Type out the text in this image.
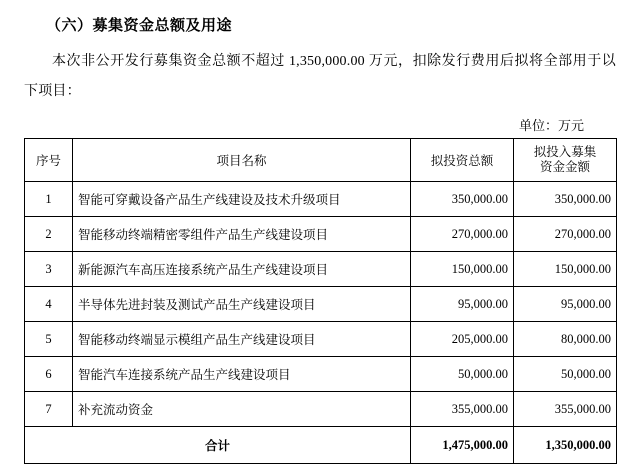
（六）募集资金总额及用途

本次非公开发行募集资金总额不超过 1,350,000.00 万元，扣除发行费用后拟将全部用于以下项目：

单位：万元
序号	项目名称	拟投资总额	拟投入募集
资金金额

1	智能可穿戴设备产品生产线建设及技术升级项目	350,000.00	350,000.00
2	智能移动终端精密零组件产品生产线建设项目	270,000.00	270,000.00
3	新能源汽车高压连接系统产品生产线建设项目	150,000.00	150,000.00
4	半导体先进封装及测试产品生产线建设项目	95,000.00	95,000.00
5	智能移动终端显示模组产品生产线建设项目	205,000.00	80,000.00
6	智能汽车连接系统产品生产线建设项目	50,000.00	50,000.00
7	补充流动资金	355,000.00	355,000.00
合计		1,475,000.00	1,350,000.00
